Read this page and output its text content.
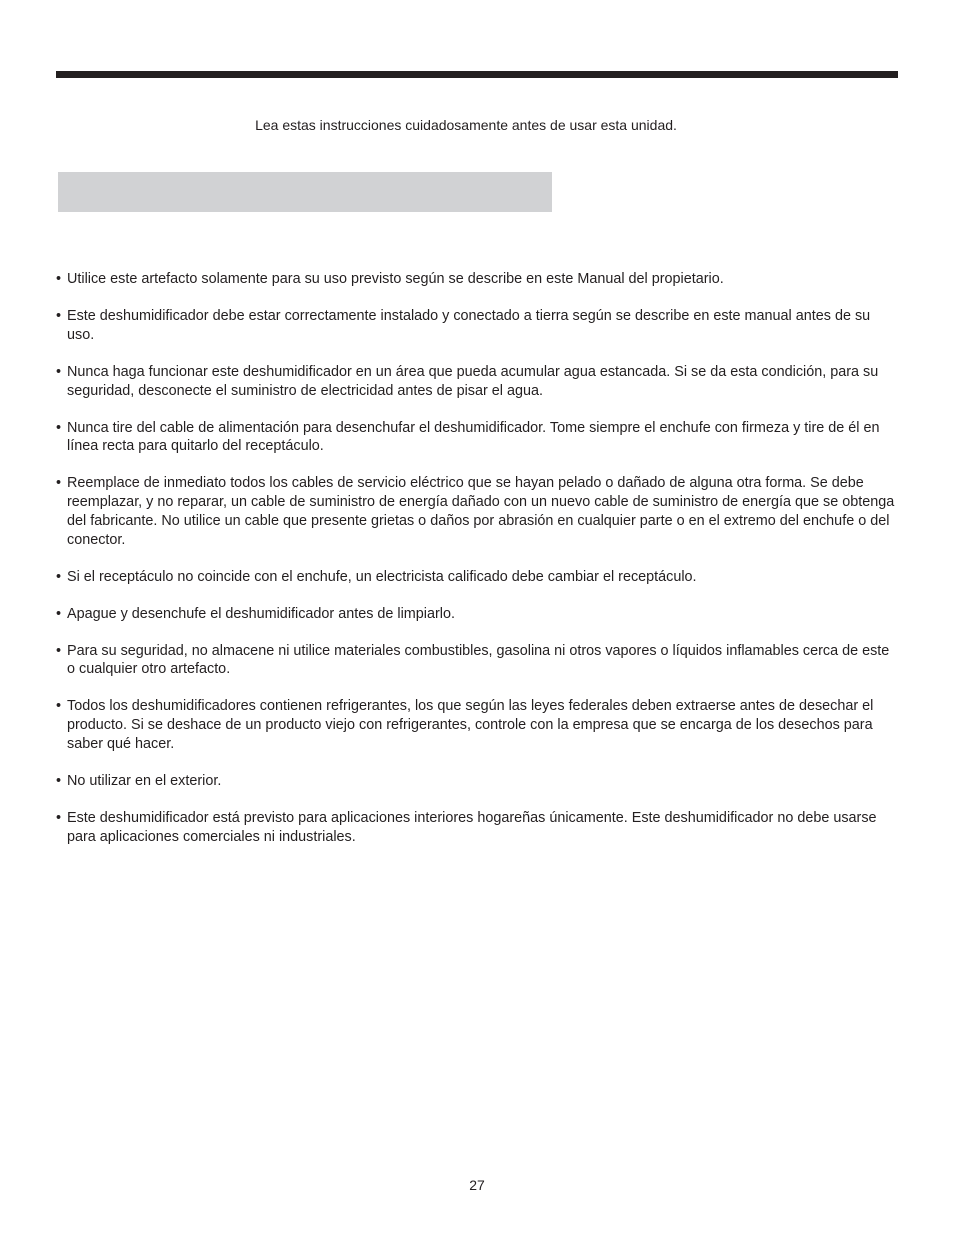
Lea estas instrucciones cuidadosamente antes de usar esta unidad.
• Utilice este artefacto solamente para su uso previsto según se describe en este Manual del propietario.
• Este deshumidificador debe estar correctamente instalado y conectado a tierra según se describe en este manual antes de su uso.
• Nunca haga funcionar este deshumidificador en un área que pueda acumular agua estancada. Si se da esta condición, para su seguridad, desconecte el suministro de electricidad antes de pisar el agua.
• Nunca tire del cable de alimentación para desenchufar el deshumidificador. Tome siempre el enchufe con firmeza y tire de él en línea recta para quitarlo del receptáculo.
• Reemplace de inmediato todos los cables de servicio eléctrico que se hayan pelado o dañado de alguna otra forma. Se debe reemplazar, y no reparar, un cable de suministro de energía dañado con un nuevo cable de suministro de energía que se obtenga del fabricante. No utilice un cable que presente grietas o daños por abrasión en cualquier parte o en el extremo del enchufe o del conector.
• Si el receptáculo no coincide con el enchufe, un electricista calificado debe cambiar el receptáculo.
• Apague y desenchufe el deshumidificador antes de limpiarlo.
• Para su seguridad, no almacene ni utilice materiales combustibles, gasolina ni otros vapores o líquidos inflamables cerca de este o cualquier otro artefacto.
• Todos los deshumidificadores contienen refrigerantes, los que según las leyes federales deben extraerse antes de desechar el producto. Si se deshace de un producto viejo con refrigerantes, controle con la empresa que se encarga de los desechos para saber qué hacer.
• No utilizar en el exterior.
• Este deshumidificador está previsto para aplicaciones interiores hogareñas únicamente. Este deshumidificador no debe usarse para aplicaciones comerciales ni industriales.
27
